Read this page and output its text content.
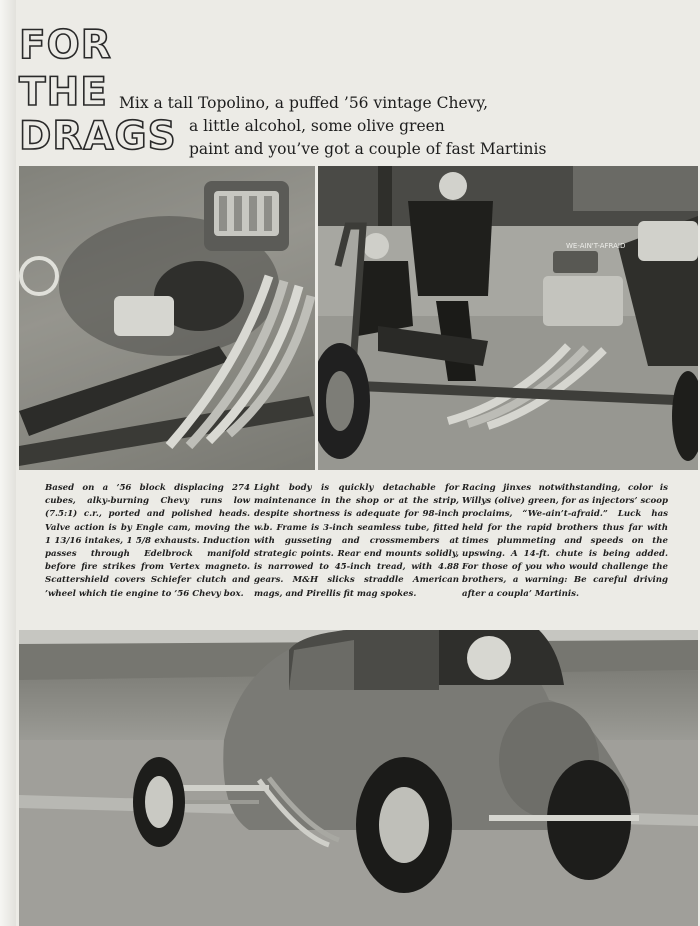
FOR
THE
DRAGS
Mix a tall Topolino, a puffed ’56 vintage Chevy,
a little alcohol, some olive green
paint and you’ve got a couple of fast Martinis
WE-AIN'T-AFRAID

Based on a ’56 block displacing 274 cubes, alky-burning Chevy runs low (7.5:1) c.r., ported and polished heads. Valve action is by Engle cam, moving the 1 13/16 intakes, 1 5/8 exhausts. Induction passes through Edelbrock manifold before fire strikes from Vertex magneto. Scattershield covers Schiefer clutch and ’wheel which tie engine to ’56 Chevy box.

Light body is quickly detachable for maintenance in the shop or at the strip, despite shortness is adequate for 98-inch w.b. Frame is 3-inch seamless tube, fitted with gusseting and crossmembers at strategic points. Rear end mounts solidly, is narrowed to 45-inch tread, with 4.88 gears. M&H slicks straddle American mags, and Pirellis fit mag spokes.

Racing jinxes notwithstanding, color is Willys (olive) green, for as injectors’ scoop proclaims, “We-ain’t-afraid.” Luck has held for the rapid brothers thus far with times plummeting and speeds on the upswing. A 14-ft. chute is being added. For those of you who would challenge the brothers, a warning: Be careful driving after a coupla’ Martinis.
